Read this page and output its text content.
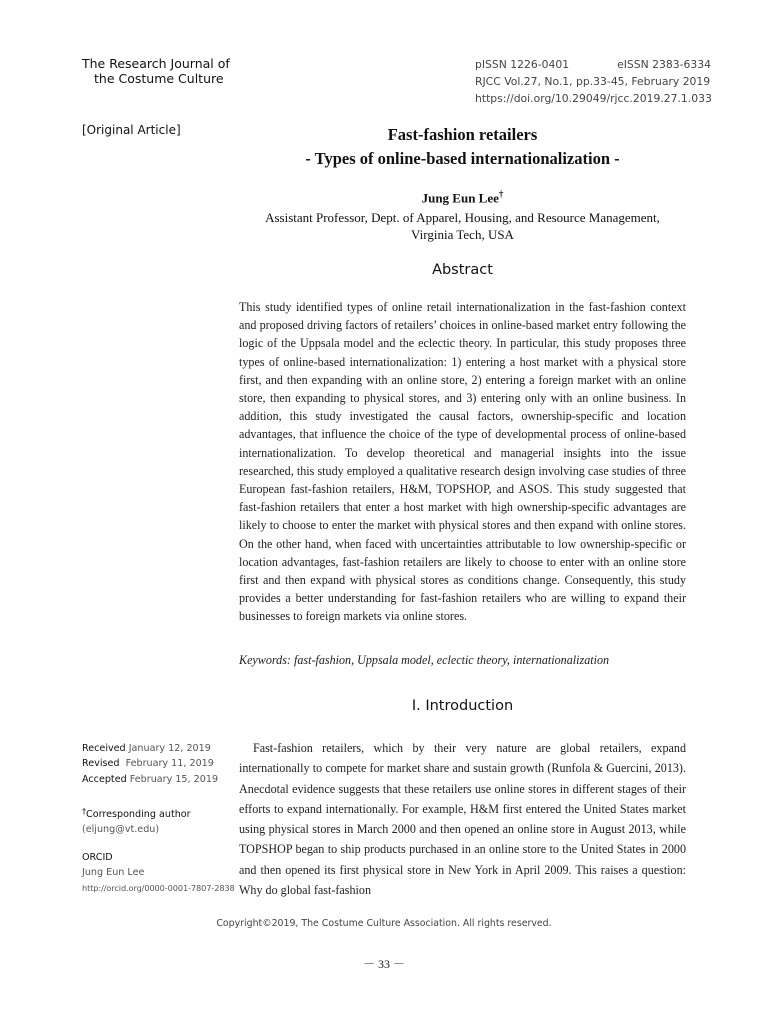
The Research Journal of
the Costume Culture
pISSN 1226-0401	eISSN 2383-6334
RJCC Vol.27, No.1, pp.33-45, February 2019
https://doi.org/10.29049/rjcc.2019.27.1.033
[Original Article]	Fast-fashion retailers
- Types of online-based internationalization -
Jung Eun Lee†
Assistant Professor, Dept. of Apparel, Housing, and Resource Management,
Virginia Tech, USA
Abstract
This study identified types of online retail internationalization in the fast-fashion context and proposed driving factors of retailers’ choices in online-based market entry following the logic of the Uppsala model and the eclectic theory. In particular, this study proposes three types of online-based internationalization: 1) entering a host market with a physical store first, and then expanding with an online store, 2) entering a foreign market with an online store, then expanding to physical stores, and 3) entering only with an online business. In addition, this study investigated the causal factors, ownership-specific and location advantages, that influence the choice of the type of developmental process of online-based internationalization. To develop theoretical and managerial insights into the issue researched, this study employed a qualitative research design involving case studies of three European fast-fashion retailers, H&M, TOPSHOP, and ASOS. This study suggested that fast-fashion retailers that enter a host market with high ownership-specific advantages are likely to choose to enter the market with physical stores and then expand with online stores. On the other hand, when faced with uncertainties attributable to low ownership-specific or location advantages, fast-fashion retailers are likely to choose to enter with an online store first and then expand with physical stores as conditions change. Consequently, this study provides a better understanding for fast-fashion retailers who are willing to expand their businesses to foreign markets via online stores.
Keywords: fast-fashion, Uppsala model, eclectic theory, internationalization
I. Introduction
Fast-fashion retailers, which by their very nature are global retailers, expand internationally to compete for market share and sustain growth (Runfola & Guercini, 2013). Anecdotal evidence suggests that these retailers use online stores in different stages of their efforts to expand internationally. For example, H&M first entered the United States market using physical stores in March 2000 and then opened an online store in August 2013, while TOPSHOP began to ship products purchased in an online store to the United States in 2000 and then opened its first physical store in New York in April 2009. This raises a question: Why do global fast-fashion
Received January 12, 2019
Revised February 11, 2019
Accepted February 15, 2019
†Corresponding author
(eljung@vt.edu)
ORCID
Jung Eun Lee
http://orcid.org/0000-0001-7807-2838
Copyright©2019, The Costume Culture Association. All rights reserved.
－ 33 －
